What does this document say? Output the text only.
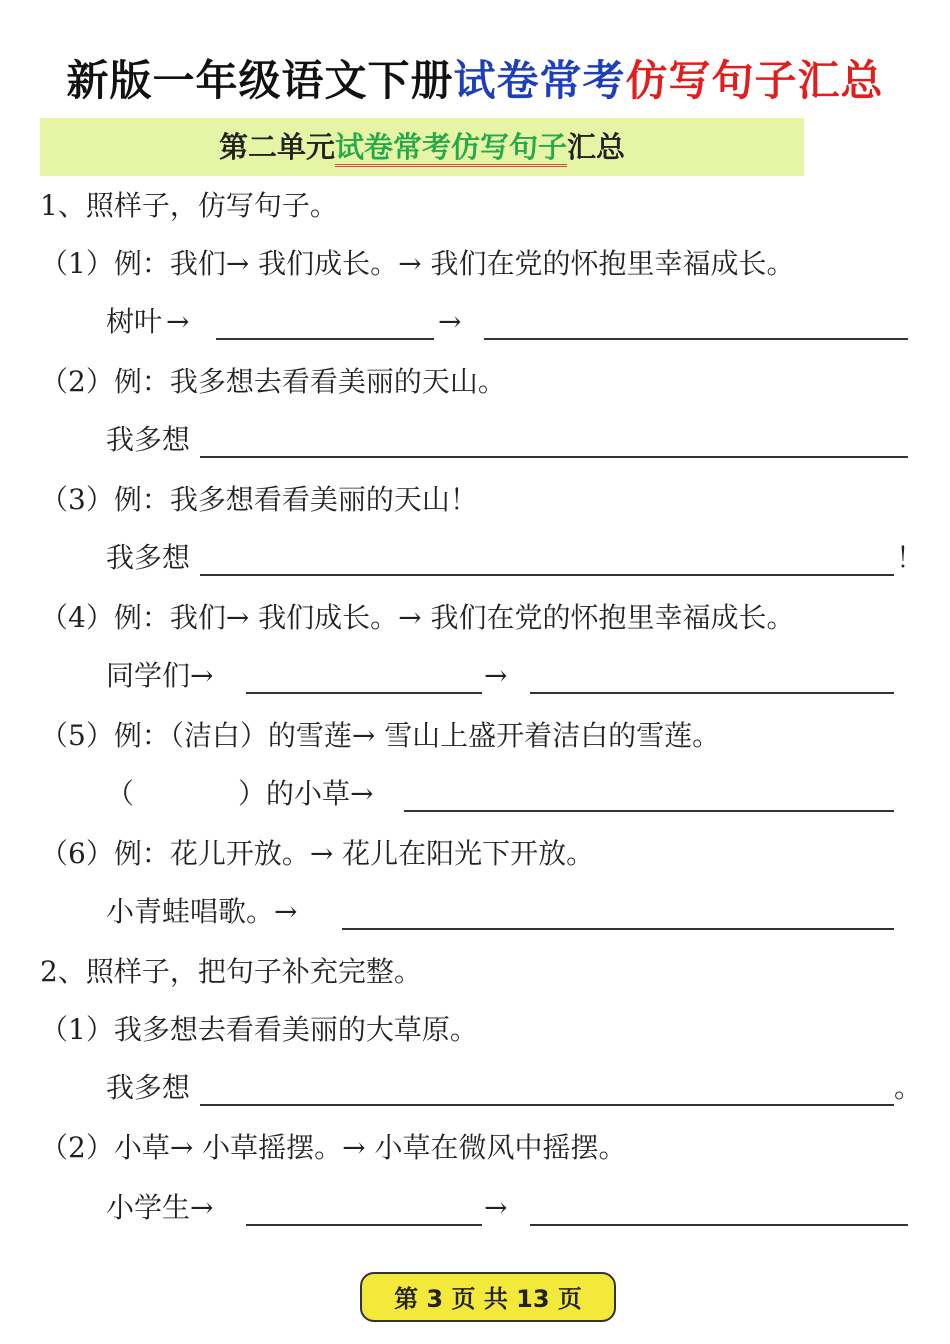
新版一年级语文下册试卷常考仿写句子汇总
第二单元试卷常考仿写句子汇总
1、照样子，仿写句子。
（1）例：我们→ 我们成长。→ 我们在党的怀抱里幸福成长。
树叶 →	→
（2）例：我多想去看看美丽的天山。
我多想
（3）例：我多想看看美丽的天山！
我多想	！
（4）例：我们→ 我们成长。→ 我们在党的怀抱里幸福成长。
同学们→	→
（5）例：（洁白）的雪莲→ 雪山上盛开着洁白的雪莲。
（	）的小草→
（6）例：花儿开放。→ 花儿在阳光下开放。
小青蛙唱歌。→
2、照样子，把句子补充完整。
（1）我多想去看看美丽的大草原。
我多想	。
（2）小草→ 小草摇摆。→ 小草在微风中摇摆。
小学生→	→
第 3 页 共 13 页
